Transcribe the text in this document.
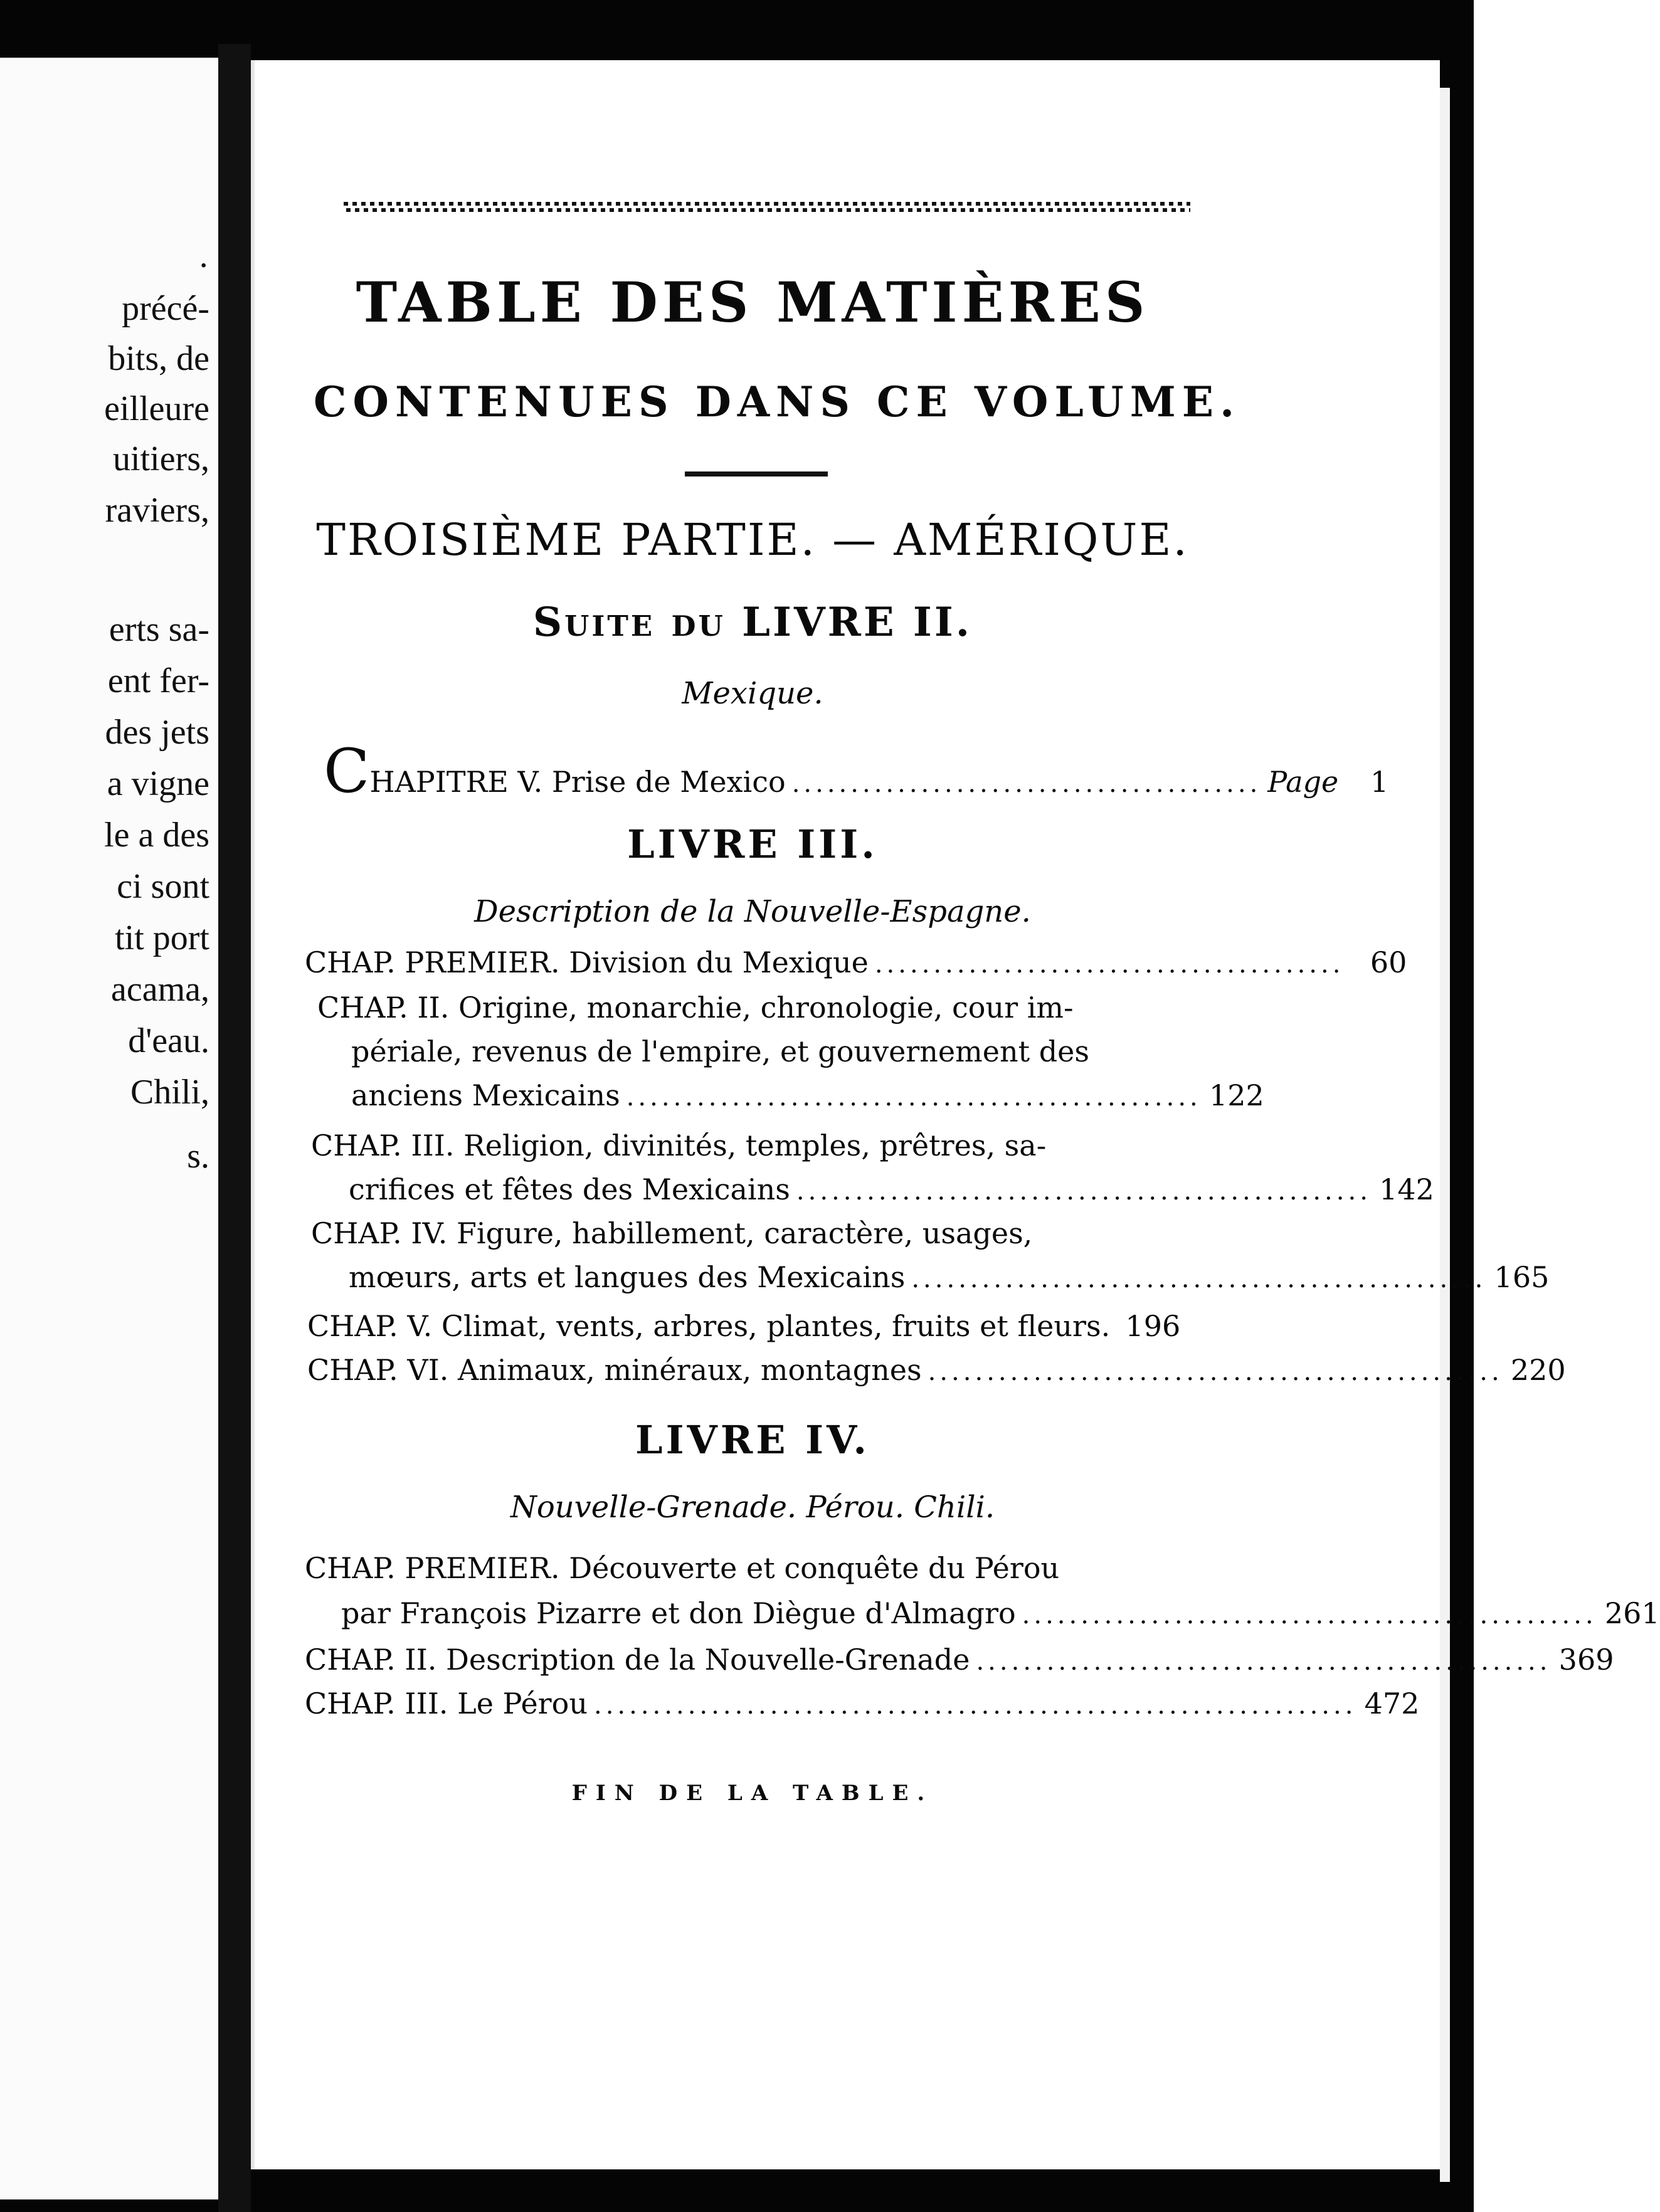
·
précé-
bits, de
eilleure
uitiers,
raviers,
erts sa-
ent fer-
des jets
a vigne
le a des
ci sont
tit port
acama,
d'eau.
Chili,
s.
TABLE DES MATIÈRES
CONTENUES DANS CE VOLUME.
TROISIÈME PARTIE. — AMÉRIQUE.
Suite du LIVRE II.
Mexique.
CHAPITRE V. Prise de Mexico ........................................ Page 1
LIVRE III.
Description de la Nouvelle-Espagne.
CHAP. PREMIER. Division du Mexique ........................................ 60
CHAP. II. Origine, monarchie, chronologie, cour im-
périale, revenus de l'empire, et gouvernement des
anciens Mexicains ................................................. 122
CHAP. III. Religion, divinités, temples, prêtres, sa-
crifices et fêtes des Mexicains ................................................. 142
CHAP. IV. Figure, habillement, caractère, usages,
mœurs, arts et langues des Mexicains ................................................. 165
CHAP. V. Climat, vents, arbres, plantes, fruits et fleurs. 196
CHAP. VI. Animaux, minéraux, montagnes ................................................. 220
LIVRE IV.
Nouvelle-Grenade. Pérou. Chili.
CHAP. PREMIER. Découverte et conquête du Pérou
par François Pizarre et don Diègue d'Almagro ................................................. 261
CHAP. II. Description de la Nouvelle-Grenade ................................................. 369
CHAP. III. Le Pérou ................................................................. 472
FIN DE LA TABLE.
